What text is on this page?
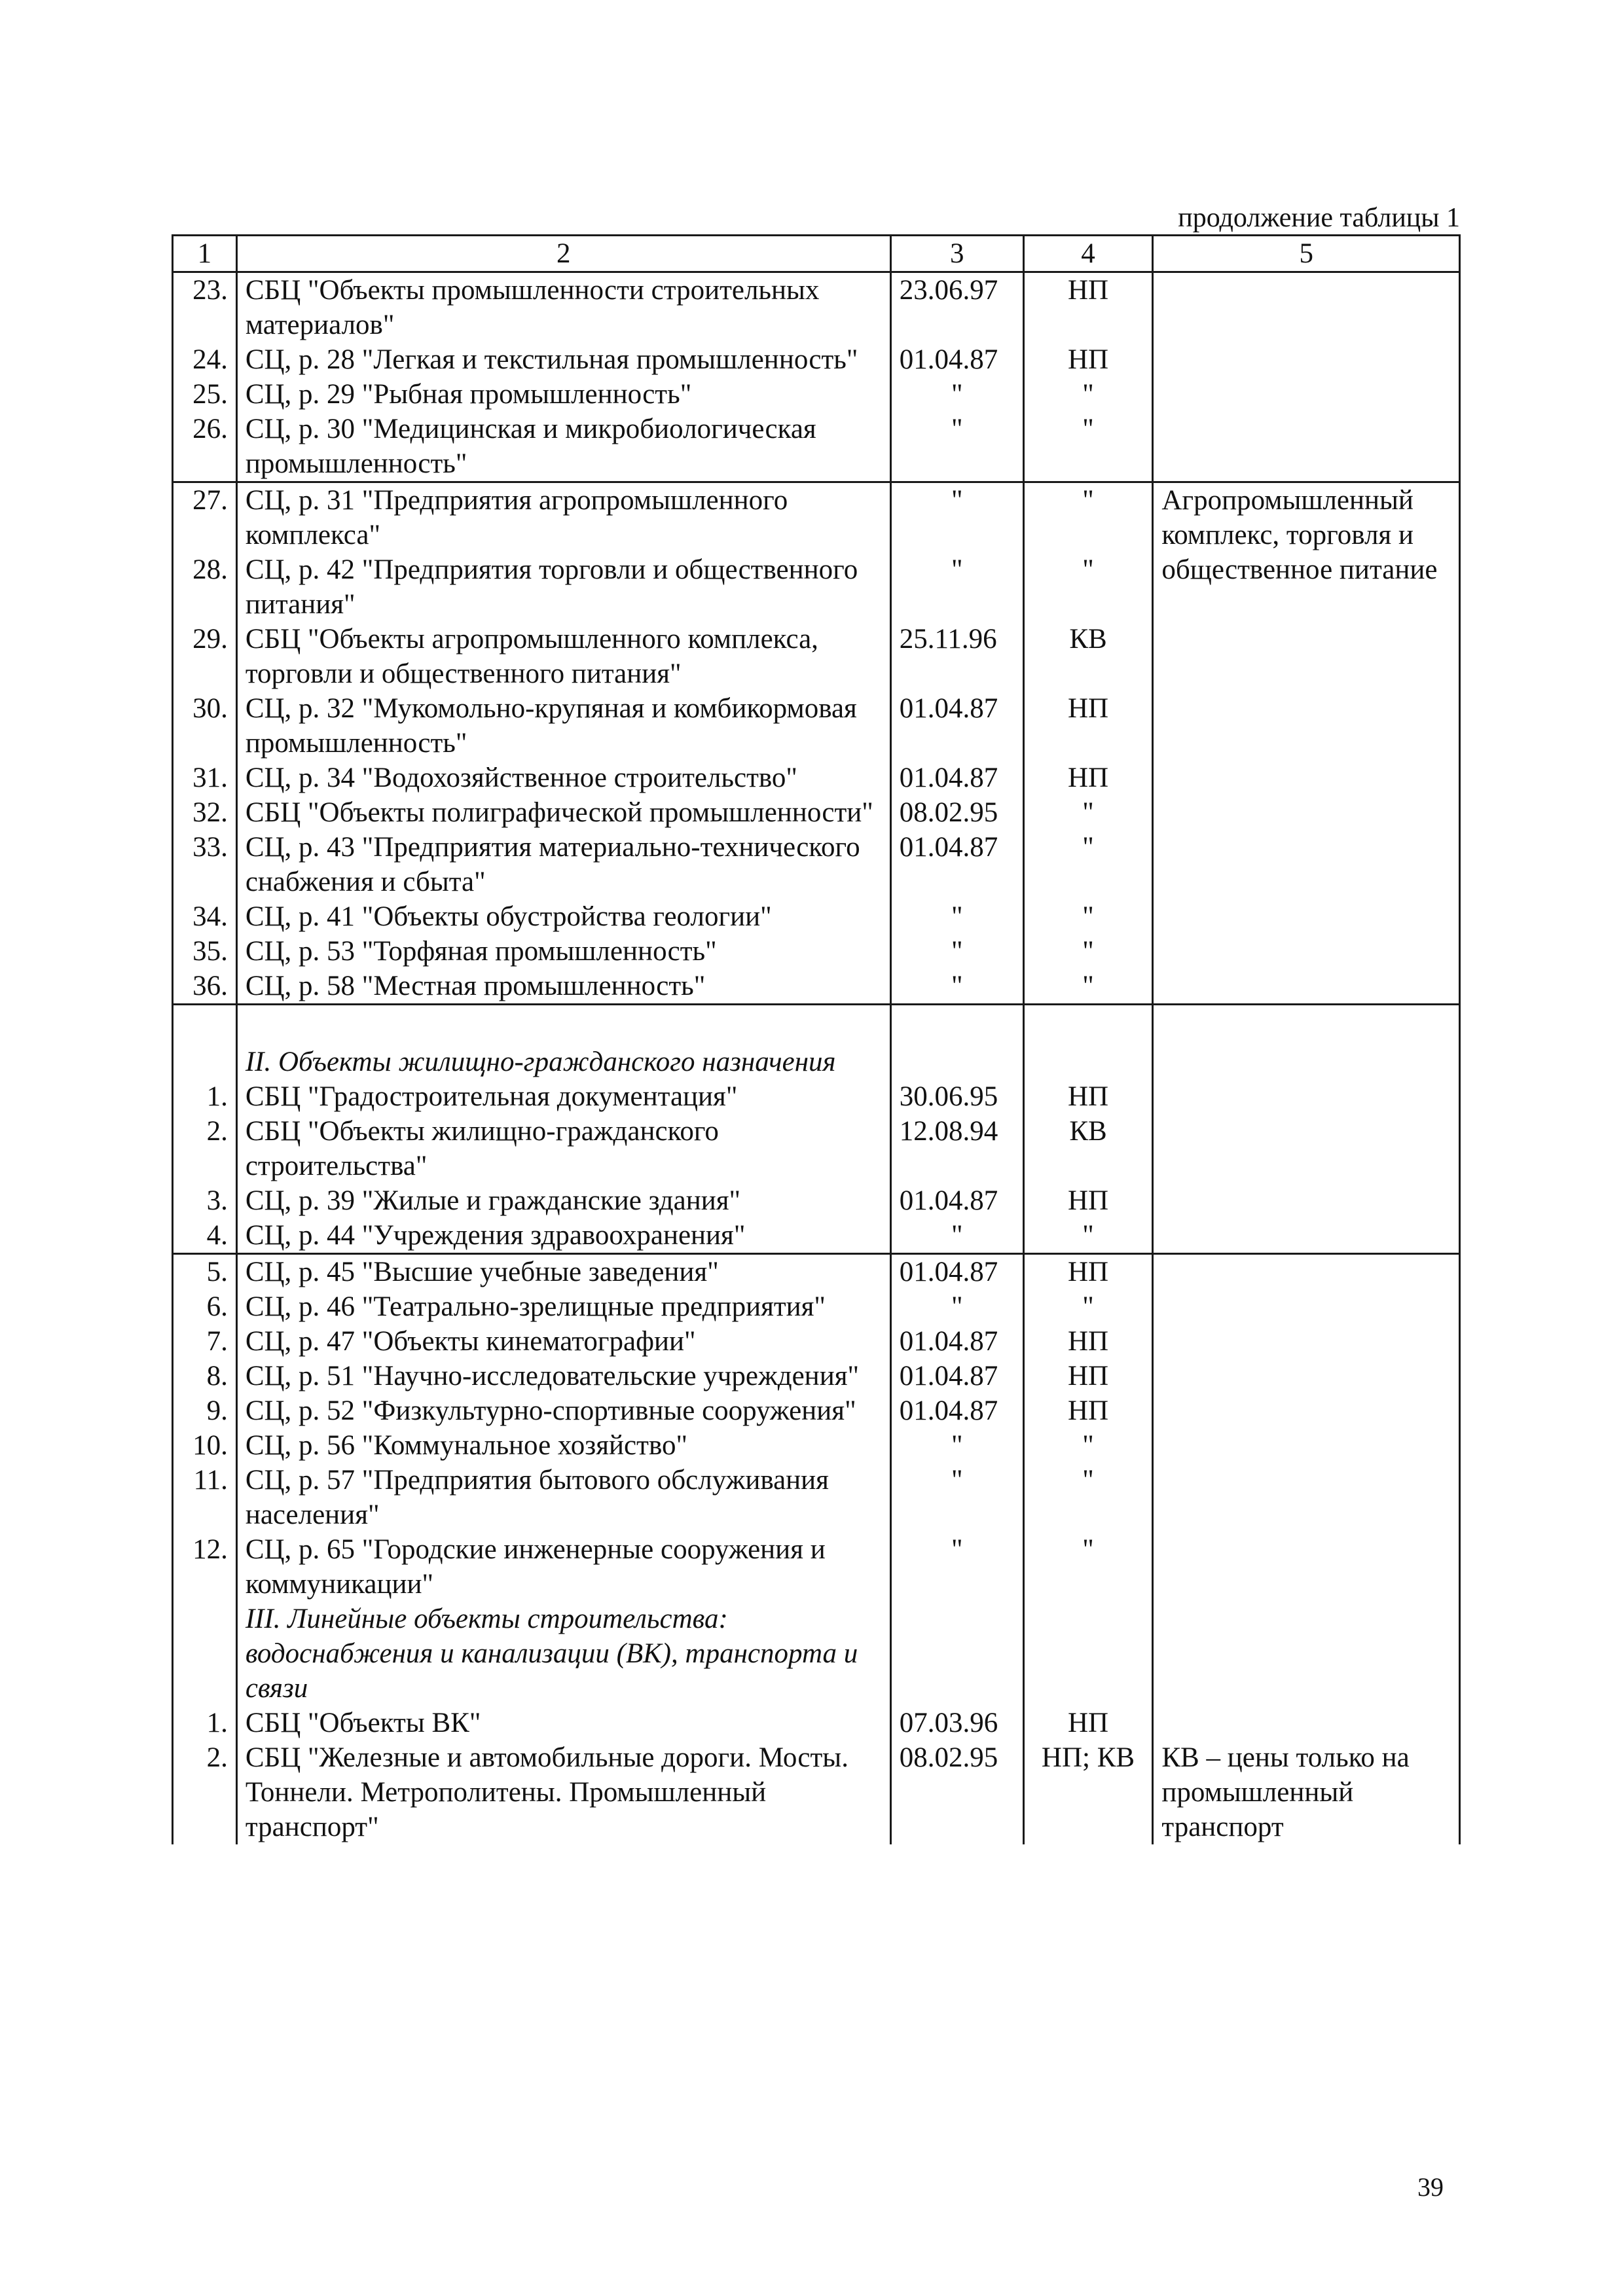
продолжение таблицы 1
1	2	3	4	5
23.	СБЦ "Объекты промышленности строительных материалов"	23.06.97	НП	
24.	СЦ, р. 28 "Легкая и текстильная промышленность"	01.04.87	НП	
25.	СЦ, р. 29 "Рыбная промышленность"	"	"	
26.	СЦ, р. 30 "Медицинская и микробиологическая промышленность"	"	"	
27.	СЦ, р. 31 "Предприятия агропромышленного комплекса"	"	"	Агропромышленный комплекс, торговля и общественное питание
28.	СЦ, р. 42 "Предприятия торговли и общественного питания"	"	"	
29.	СБЦ "Объекты агропромышленного комплекса, торговли и общественного питания"	25.11.96	КВ	
30.	СЦ, р. 32 "Мукомольно-крупяная и комбикормовая промышленность"	01.04.87	НП	
31.	СЦ, р. 34 "Водохозяйственное строительство"	01.04.87	НП	
32.	СБЦ "Объекты полиграфической промышленности"	08.02.95	"	
33.	СЦ, р. 43 "Предприятия материально-технического снабжения и сбыта"	01.04.87	"	
34.	СЦ, р. 41 "Объекты обустройства геологии"	"	"	
35.	СЦ, р. 53 "Торфяная промышленность"	"	"	
36.	СЦ, р. 58 "Местная промышленность"	"	"	

	II. Объекты жилищно-гражданского назначения			
1.	СБЦ "Градостроительная документация"	30.06.95	НП	
2.	СБЦ "Объекты жилищно-гражданского строительства"	12.08.94	КВ	
3.	СЦ, р. 39 "Жилые и гражданские здания"	01.04.87	НП	
4.	СЦ, р. 44 "Учреждения здравоохранения"	"	"	
5.	СЦ, р. 45 "Высшие учебные заведения"	01.04.87	НП	
6.	СЦ, р. 46 "Театрально-зрелищные предприятия"	"	"	
7.	СЦ, р. 47 "Объекты кинематографии"	01.04.87	НП	
8.	СЦ, р. 51 "Научно-исследовательские учреждения"	01.04.87	НП	
9.	СЦ, р. 52 "Физкультурно-спортивные сооружения"	01.04.87	НП	
10.	СЦ, р. 56 "Коммунальное хозяйство"	"	"	
11.	СЦ, р. 57 "Предприятия бытового обслуживания населения"	"	"	
12.	СЦ, р. 65 "Городские инженерные сооружения и коммуникации"	"	"	
	III. Линейные объекты строительства: водоснабжения и канализации (ВК), транспорта и связи			
1.	СБЦ "Объекты ВК"	07.03.96	НП	
2.	СБЦ "Железные и автомобильные дороги. Мосты. Тоннели. Метрополитены. Промышленный транспорт"	08.02.95	НП; КВ	КВ – цены только на промышленный транспорт
39
